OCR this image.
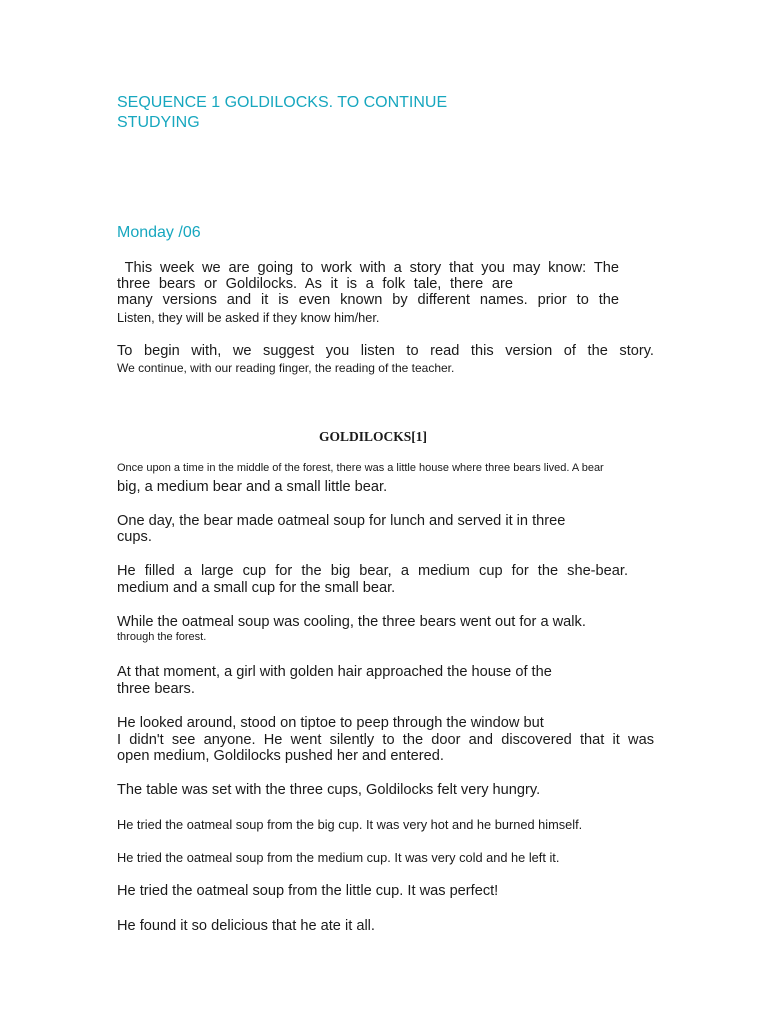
SEQUENCE 1 GOLDILOCKS. TO CONTINUE

STUDYING

Monday /06

This week we are going to work with a story that you may know: The

three bears or Goldilocks. As it is a folk tale, there are

many versions and it is even known by different names. prior to the

Listen, they will be asked if they know him/her.

To begin with, we suggest you listen to read this version of the story.

We continue, with our reading finger, the reading of the teacher.

GOLDILOCKS[1]

Once upon a time in the middle of the forest, there was a little house where three bears lived. A bear

big, a medium bear and a small little bear.

One day, the bear made oatmeal soup for lunch and served it in three

cups.

He filled a large cup for the big bear, a medium cup for the she-bear.

medium and a small cup for the small bear.

While the oatmeal soup was cooling, the three bears went out for a walk.

through the forest.

At that moment, a girl with golden hair approached the house of the

three bears.

He looked around, stood on tiptoe to peep through the window but

I didn't see anyone. He went silently to the door and discovered that it was

open medium, Goldilocks pushed her and entered.

The table was set with the three cups, Goldilocks felt very hungry.

He tried the oatmeal soup from the big cup. It was very hot and he burned himself.

He tried the oatmeal soup from the medium cup. It was very cold and he left it.

He tried the oatmeal soup from the little cup. It was perfect!

He found it so delicious that he ate it all.
